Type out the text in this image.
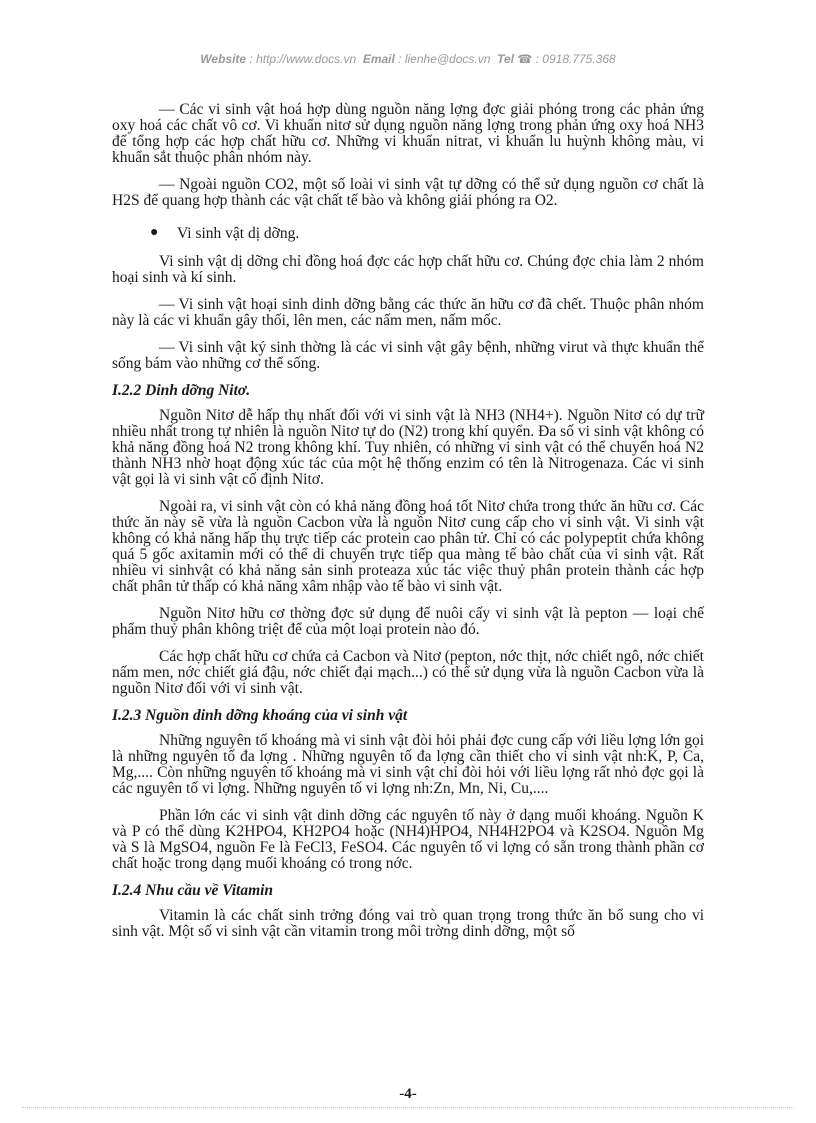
Website : http://www.docs.vn Email : lienhe@docs.vn Tel ☎ : 0918.775.368

— Các vi sinh vật hoá hợp dùng nguồn năng lợng đợc giải phóng trong các phản ứng oxy hoá các chất vô cơ. Vi khuẩn nitơ sử dụng nguồn năng lợng trong phản ứng oxy hoá NH3 để tổng hợp các hợp chất hữu cơ. Những vi khuẩn nitrat, vi khuẩn lu huỳnh không màu, vi khuẩn sắt thuộc phân nhóm này.

— Ngoài nguồn CO2, một số loài vi sinh vật tự dỡng có thể sử dụng nguồn cơ chất là H2S để quang hợp thành các vật chất tế bào và không giải phóng ra O2.

● Vi sinh vật dị dỡng.

Vi sinh vật dị dỡng chỉ đồng hoá đợc các hợp chất hữu cơ. Chúng đợc chia làm 2 nhóm hoại sinh và kí sinh.

— Vi sinh vật hoại sinh dinh dỡng bằng các thức ăn hữu cơ đã chết. Thuộc phân nhóm này là các vi khuẩn gây thối, lên men, các nấm men, nấm mốc.

— Vi sinh vật ký sinh thờng là các vi sinh vật gây bệnh, những virut và thực khuẩn thể sống bám vào những cơ thể sống.

I.2.2 Dinh dỡng Nitơ.

Nguồn Nitơ dễ hấp thụ nhất đối với vi sinh vật là NH3 (NH4+). Nguồn Nitơ có dự trữ nhiều nhất trong tự nhiên là nguồn Nitơ tự do (N2) trong khí quyển. Đa số vi sinh vật không có khả năng đồng hoá N2 trong không khí. Tuy nhiên, có những vi sinh vật có thể chuyển hoá N2 thành NH3 nhờ hoạt động xúc tác của một hệ thống enzim có tên là Nitrogenaza. Các vi sinh vật gọi là vi sinh vật cố định Nitơ.

Ngoài ra, vi sinh vật còn có khả năng đồng hoá tốt Nitơ chứa trong thức ăn hữu cơ. Các thức ăn này sẽ vừa là nguồn Cacbon vừa là nguồn Nitơ cung cấp cho vi sinh vật. Vi sinh vật không có khả năng hấp thụ trực tiếp các protein cao phân tử. Chỉ có các polypeptit chứa không quá 5 gốc axitamin mới có thể di chuyển trực tiếp qua màng tế bào chất của vi sinh vật. Rất nhiều vi sinhvật có khả năng sản sinh proteaza xúc tác việc thuỷ phân protein thành các hợp chất phân tử thấp có khả năng xâm nhập vào tế bào vi sinh vật.

Nguồn Nitơ hữu cơ thờng đợc sử dụng để nuôi cấy vi sinh vật là pepton — loại chế phẩm thuỷ phân không triệt để của một loại protein nào đó.

Các hợp chất hữu cơ chứa cả Cacbon và Nitơ (pepton, nớc thịt, nớc chiết ngô, nớc chiết nấm men, nớc chiết giá đậu, nớc chiết đại mạch...) có thể sử dụng vừa là nguồn Cacbon vừa là nguồn Nitơ đối với vi sinh vật.

I.2.3 Nguồn dinh dỡng khoáng của vi sinh vật

Những nguyên tố khoáng mà vi sinh vật đòi hỏi phải đợc cung cấp với liều lợng lớn gọi là những nguyên tố đa lợng . Những nguyên tố đa lợng cần thiết cho vi sinh vật nh:K, P, Ca, Mg,.... Còn những nguyên tố khoáng mà vi sinh vật chỉ đòi hỏi với liều lợng rất nhỏ đợc gọi là các nguyên tố vi lợng. Những nguyên tố vi lợng nh:Zn, Mn, Ni, Cu,....

Phần lớn các vi sinh vật dinh dỡng các nguyên tố này ở dạng muối khoáng. Nguồn K và P có thể dùng K2HPO4, KH2PO4 hoặc (NH4)HPO4, NH4H2PO4 và K2SO4. Nguồn Mg và S là MgSO4, nguồn Fe là FeCl3, FeSO4. Các nguyên tố vi lợng có sẵn trong thành phần cơ chất hoặc trong dạng muối khoáng có trong nớc.

I.2.4 Nhu cầu về Vitamin

Vitamin là các chất sinh trởng đóng vai trò quan trọng trong thức ăn bổ sung cho vi sinh vật. Một số vi sinh vật cần vitamin trong môi trờng dinh dỡng, một số

-4-
